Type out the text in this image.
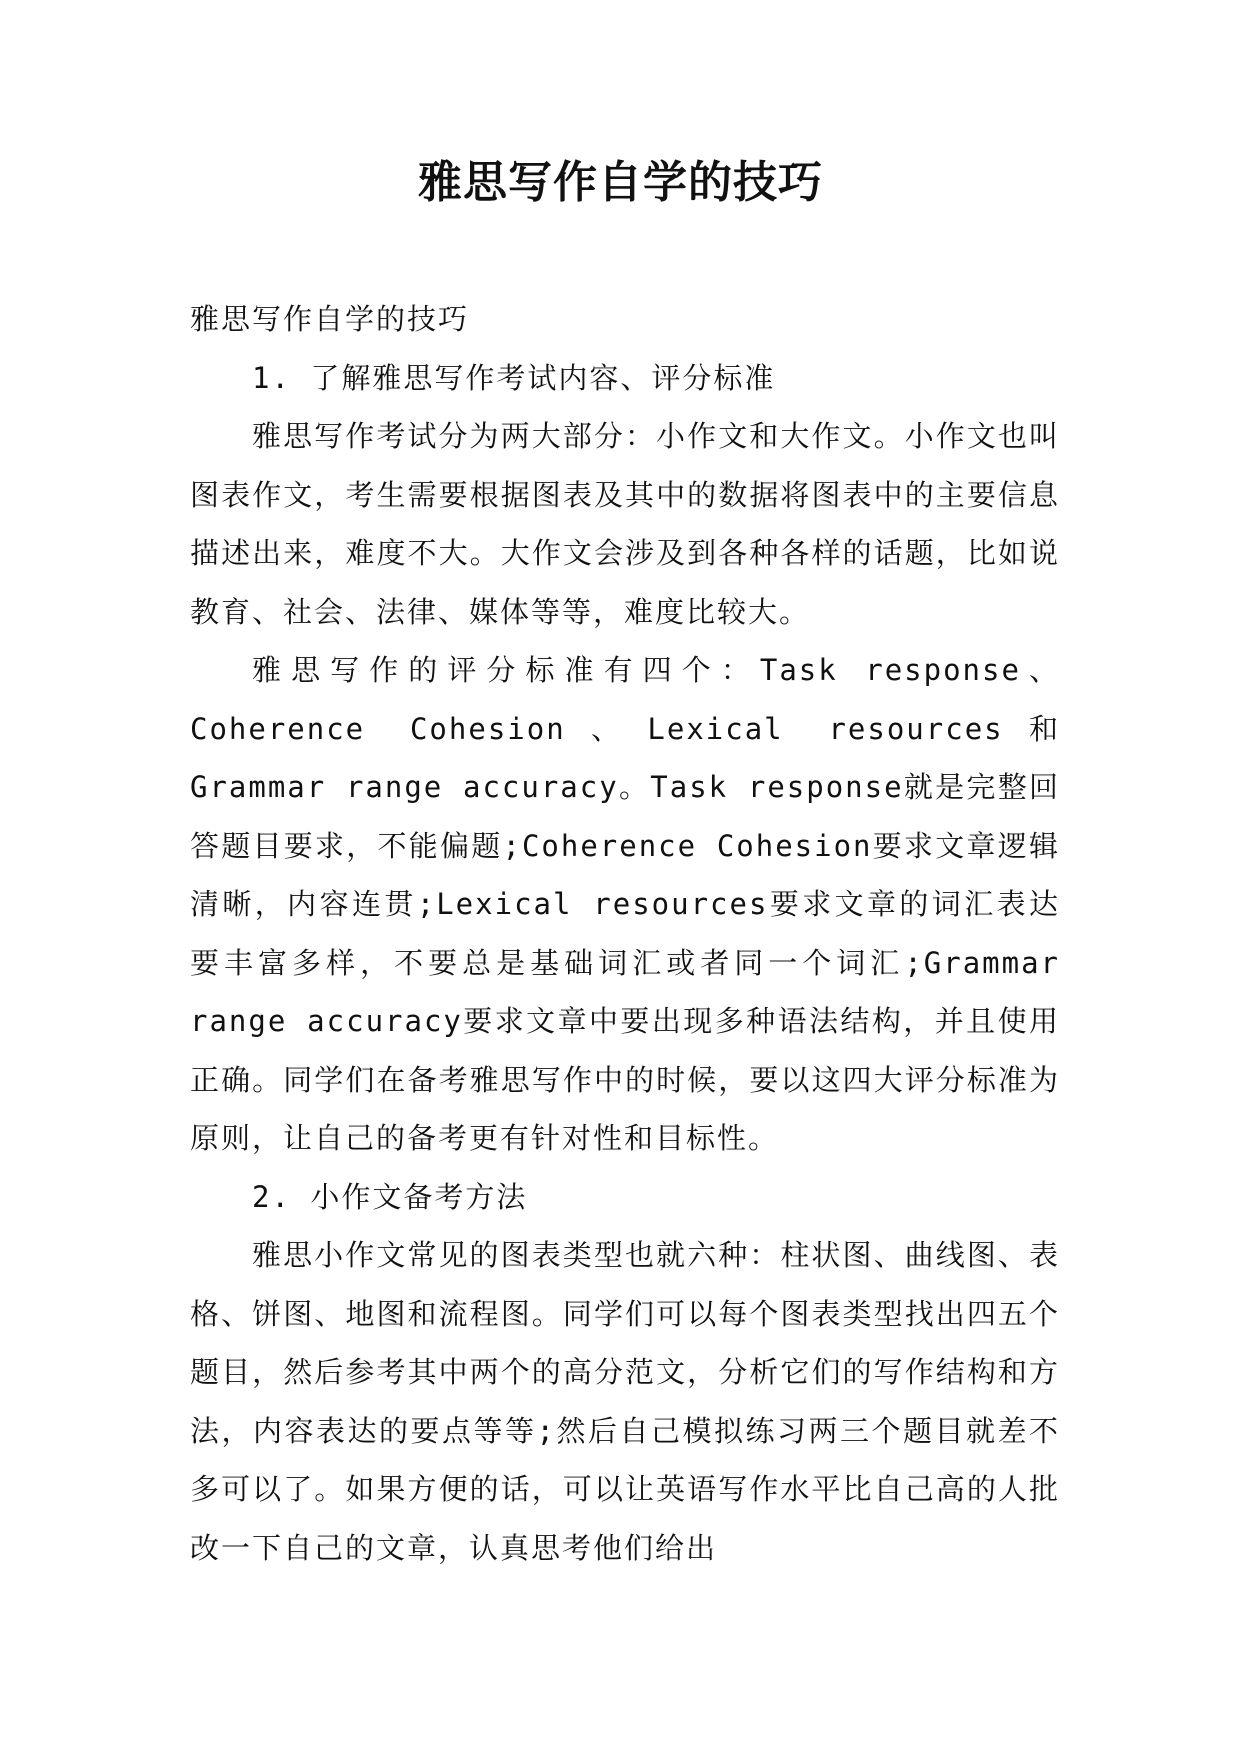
雅思写作自学的技巧

雅思写作自学的技巧

1. 了解雅思写作考试内容、评分标准

雅思写作考试分为两大部分：小作文和大作文。小作文也叫图表作文，考生需要根据图表及其中的数据将图表中的主要信息描述出来，难度不大。大作文会涉及到各种各样的话题，比如说教育、社会、法律、媒体等等，难度比较大。

雅思写作的评分标准有四个：Task response、Coherence Cohesion、Lexical resources和Grammar range accuracy。Task response就是完整回答题目要求，不能偏题;Coherence Cohesion要求文章逻辑清晰，内容连贯;Lexical resources要求文章的词汇表达要丰富多样，不要总是基础词汇或者同一个词汇;Grammar range accuracy要求文章中要出现多种语法结构，并且使用正确。同学们在备考雅思写作中的时候，要以这四大评分标准为原则，让自己的备考更有针对性和目标性。

2. 小作文备考方法

雅思小作文常见的图表类型也就六种：柱状图、曲线图、表格、饼图、地图和流程图。同学们可以每个图表类型找出四五个题目，然后参考其中两个的高分范文，分析它们的写作结构和方法，内容表达的要点等等;然后自己模拟练习两三个题目就差不多可以了。如果方便的话，可以让英语写作水平比自己高的人批改一下自己的文章，认真思考他们给出
